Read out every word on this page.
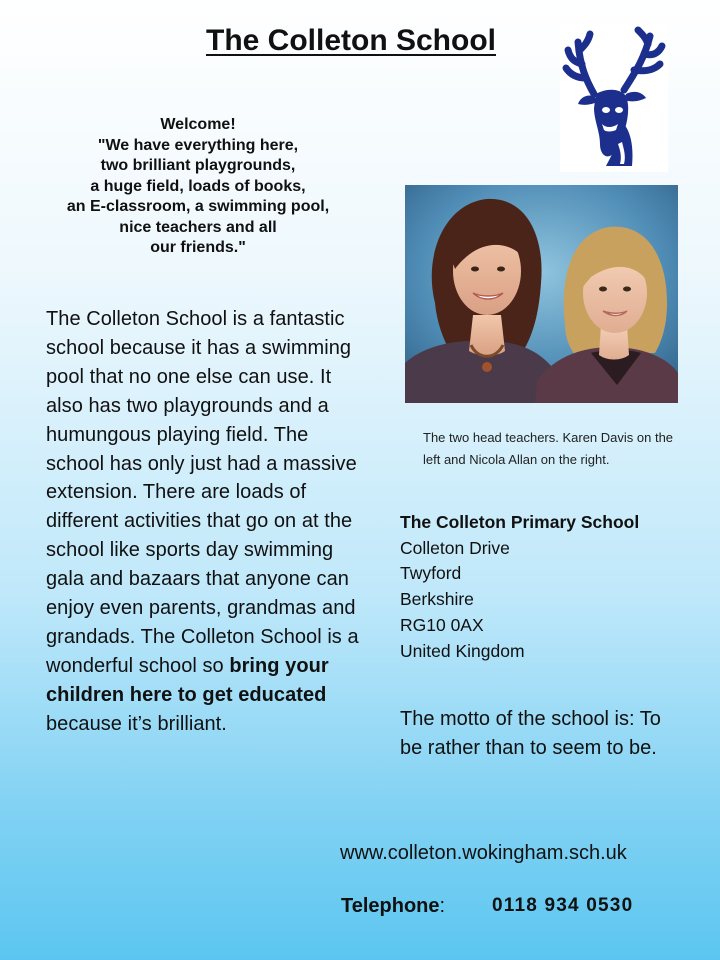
The Colleton School
Welcome!
"We have everything here,
two brilliant playgrounds,
a huge field, loads of books,
an E-classroom, a swimming pool,
nice teachers and all
our friends."
The Colleton School is a fantastic school because it has a swimming pool that no one else can use. It also has two playgrounds and a humungous playing field. The school has only just had a massive extension. There are loads of different activities that go on at the school like sports day swimming gala and bazaars that anyone can enjoy even parents, grandmas and grandads. The Colleton School is a wonderful school so bring your children here to get educated because it’s brilliant.
The two head teachers. Karen Davis on the left and Nicola Allan on the right.
The Colleton Primary School
Colleton Drive
Twyford
Berkshire
RG10 0AX
United Kingdom
The motto of the school is: To be rather than to seem to be.
www.colleton.wokingham.sch.uk
Telephone: 0118 934 0530
